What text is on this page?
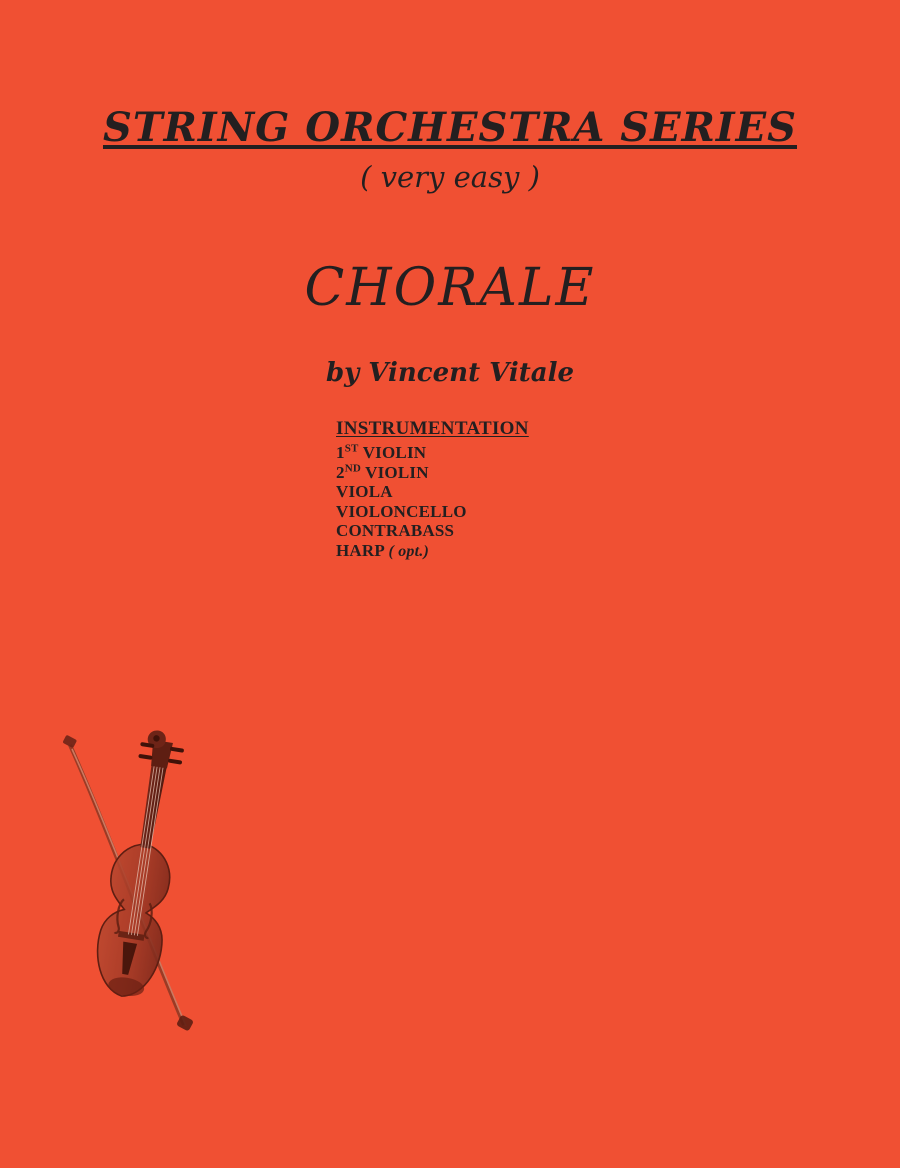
STRING ORCHESTRA SERIES
( very easy )
CHORALE
by Vincent Vitale
INSTRUMENTATION
1ST VIOLIN
2ND VIOLIN
VIOLA
VIOLONCELLO
CONTRABASS
HARP ( opt.)
